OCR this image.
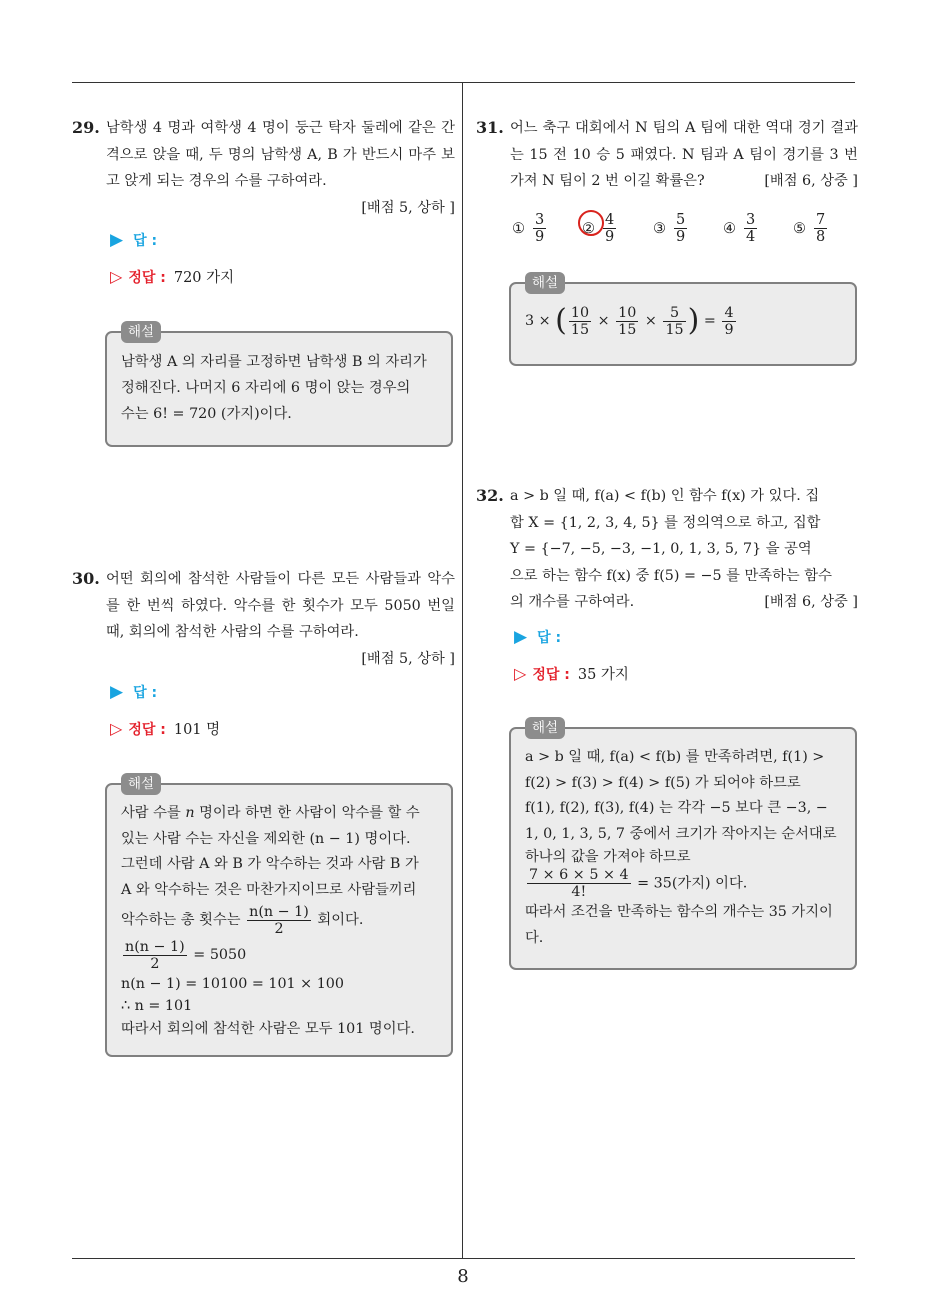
29. 남학생 4 명과 여학생 4 명이 둥근 탁자 둘레에 같은 간격으로 앉을 때, 두 명의 남학생 A, B 가 반드시 마주 보고 앉게 되는 경우의 수를 구하여라.
[배점 5, 상하 ]
▶ 답 :
▷ 정답 : 720 가지
해설
남학생 A 의 자리를 고정하면 남학생 B 의 자리가
정해진다. 나머지 6 자리에 6 명이 앉는 경우의
수는 6! = 720 (가지)이다.
30. 어떤 회의에 참석한 사람들이 다른 모든 사람들과 악수를 한 번씩 하였다. 악수를 한 횟수가 모두 5050 번일 때, 회의에 참석한 사람의 수를 구하여라.
[배점 5, 상하 ]
▶ 답 :
▷ 정답 : 101 명
해설
사람 수를 n 명이라 하면 한 사람이 악수를 할 수
있는 사람 수는 자신을 제외한 (n − 1) 명이다.
그런데 사람 A 와 B 가 악수하는 것과 사람 B 가
A 와 악수하는 것은 마찬가지이므로 사람들끼리
악수하는 총 횟수는 $\frac{n(n - 1)}{2}$ 회이다.
$\frac{n(n - 1)}{2} = 5050$
n(n − 1) = 10100 = 101 × 100
∴ n = 101
따라서 회의에 참석한 사람은 모두 101 명이다.
31. 어느 축구 대회에서 N 팀의 A 팀에 대한 역대 경기 결과는 15 전 10 승 5 패였다. N 팀과 A 팀이 경기를 3 번 가져 N 팀이 2 번 이길 확률은?	[배점 6, 상중 ]
① $\frac{3}{9}$ ② $\frac{4}{9}$	③ $\frac{5}{9}$ ④ $\frac{3}{4}$ ⑤ $\frac{7}{8}$
해설
3 × ( $\frac{10}{15} \times \frac{10}{15} \times \frac{5}{15}$ ) = $\frac{4}{9}$
32. a > b 일 때, f(a) < f(b) 인 함수 f(x) 가 있다. 집
합 X = {1, 2, 3, 4, 5} 를 정의역으로 하고, 집합
Y = {−7, −5, −3, −1, 0, 1, 3, 5, 7} 을 공역
으로 하는 함수 f(x) 중 f(5) = −5 를 만족하는 함수
의 개수를 구하여라.	[배점 6, 상중 ]
▶ 답 :
▷ 정답 : 35 가지
해설
a > b 일 때, f(a) < f(b) 를 만족하려면, f(1) >
f(2) > f(3) > f(4) > f(5) 가 되어야 하므로
f(1), f(2), f(3), f(4) 는 각각 −5 보다 큰 −3, −
1, 0, 1, 3, 5, 7 중에서 크기가 작아지는 순서대로
하나의 값을 가져야 하므로
$\frac{7 \times 6 \times 5 \times 4}{4!} = 35$(가지) 이다.
따라서 조건을 만족하는 함수의 개수는 35 가지이
다.
8
